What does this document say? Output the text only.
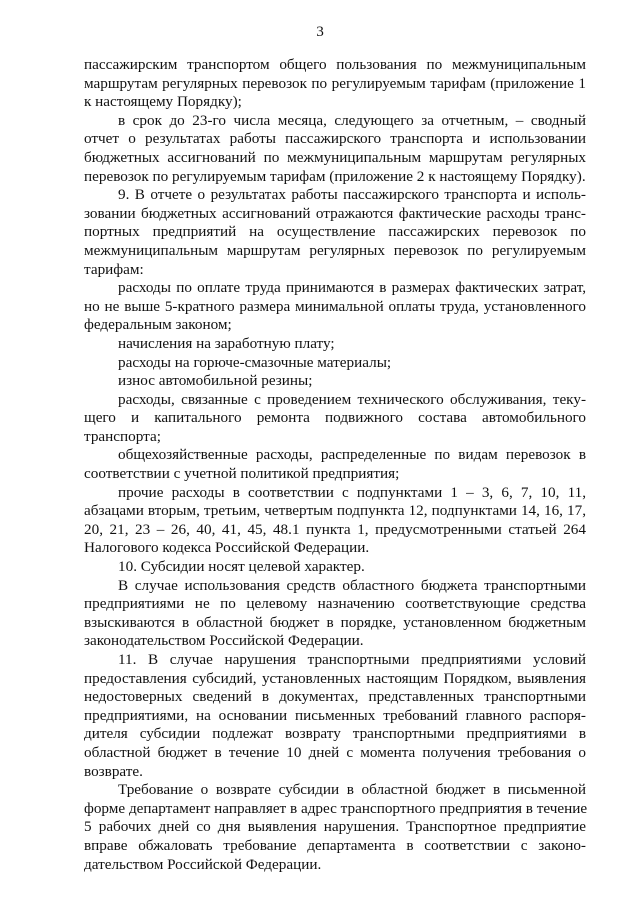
3
пассажирским транспортом общего пользования по межмуниципальным
маршрутам регулярных перевозок по регулируемым тарифам (приложение 1
к настоящему Порядку);
в срок до 23-го числа месяца, следующего за отчетным, – сводный
отчет о результатах работы пассажирского транспорта и использовании
бюджетных ассигнований по межмуниципальным маршрутам регулярных
перевозок по регулируемым тарифам (приложение 2 к настоящему Порядку).
9. В отчете о результатах работы пассажирского транспорта и исполь-
зовании бюджетных ассигнований отражаются фактические расходы транс-
портных предприятий на осуществление пассажирских перевозок по
межмуниципальным маршрутам регулярных перевозок по регулируемым
тарифам:
расходы по оплате труда принимаются в размерах фактических затрат,
но не выше 5-кратного размера минимальной оплаты труда, установленного
федеральным законом;
начисления на заработную плату;
расходы на горюче-смазочные материалы;
износ автомобильной резины;
расходы, связанные с проведением технического обслуживания, теку-
щего и капитального ремонта подвижного состава автомобильного
транспорта;
общехозяйственные расходы, распределенные по видам перевозок в
соответствии с учетной политикой предприятия;
прочие расходы в соответствии с подпунктами 1 – 3, 6, 7, 10, 11,
абзацами вторым, третьим, четвертым подпункта 12, подпунктами 14, 16, 17,
20, 21, 23 – 26, 40, 41, 45, 48.1 пункта 1, предусмотренными статьей 264
Налогового кодекса Российской Федерации.
10. Субсидии носят целевой характер.
В случае использования средств областного бюджета транспортными
предприятиями не по целевому назначению соответствующие средства
взыскиваются в областной бюджет в порядке, установленном бюджетным
законодательством Российской Федерации.
11. В случае нарушения транспортными предприятиями условий
предоставления субсидий, установленных настоящим Порядком, выявления
недостоверных сведений в документах, представленных транспортными
предприятиями, на основании письменных требований главного распоря-
дителя субсидии подлежат возврату транспортными предприятиями в
областной бюджет в течение 10 дней с момента получения требования о
возврате.
Требование о возврате субсидии в областной бюджет в письменной
форме департамент направляет в адрес транспортного предприятия в течение
5 рабочих дней со дня выявления нарушения. Транспортное предприятие
вправе обжаловать требование департамента в соответствии с законо-
дательством Российской Федерации.
